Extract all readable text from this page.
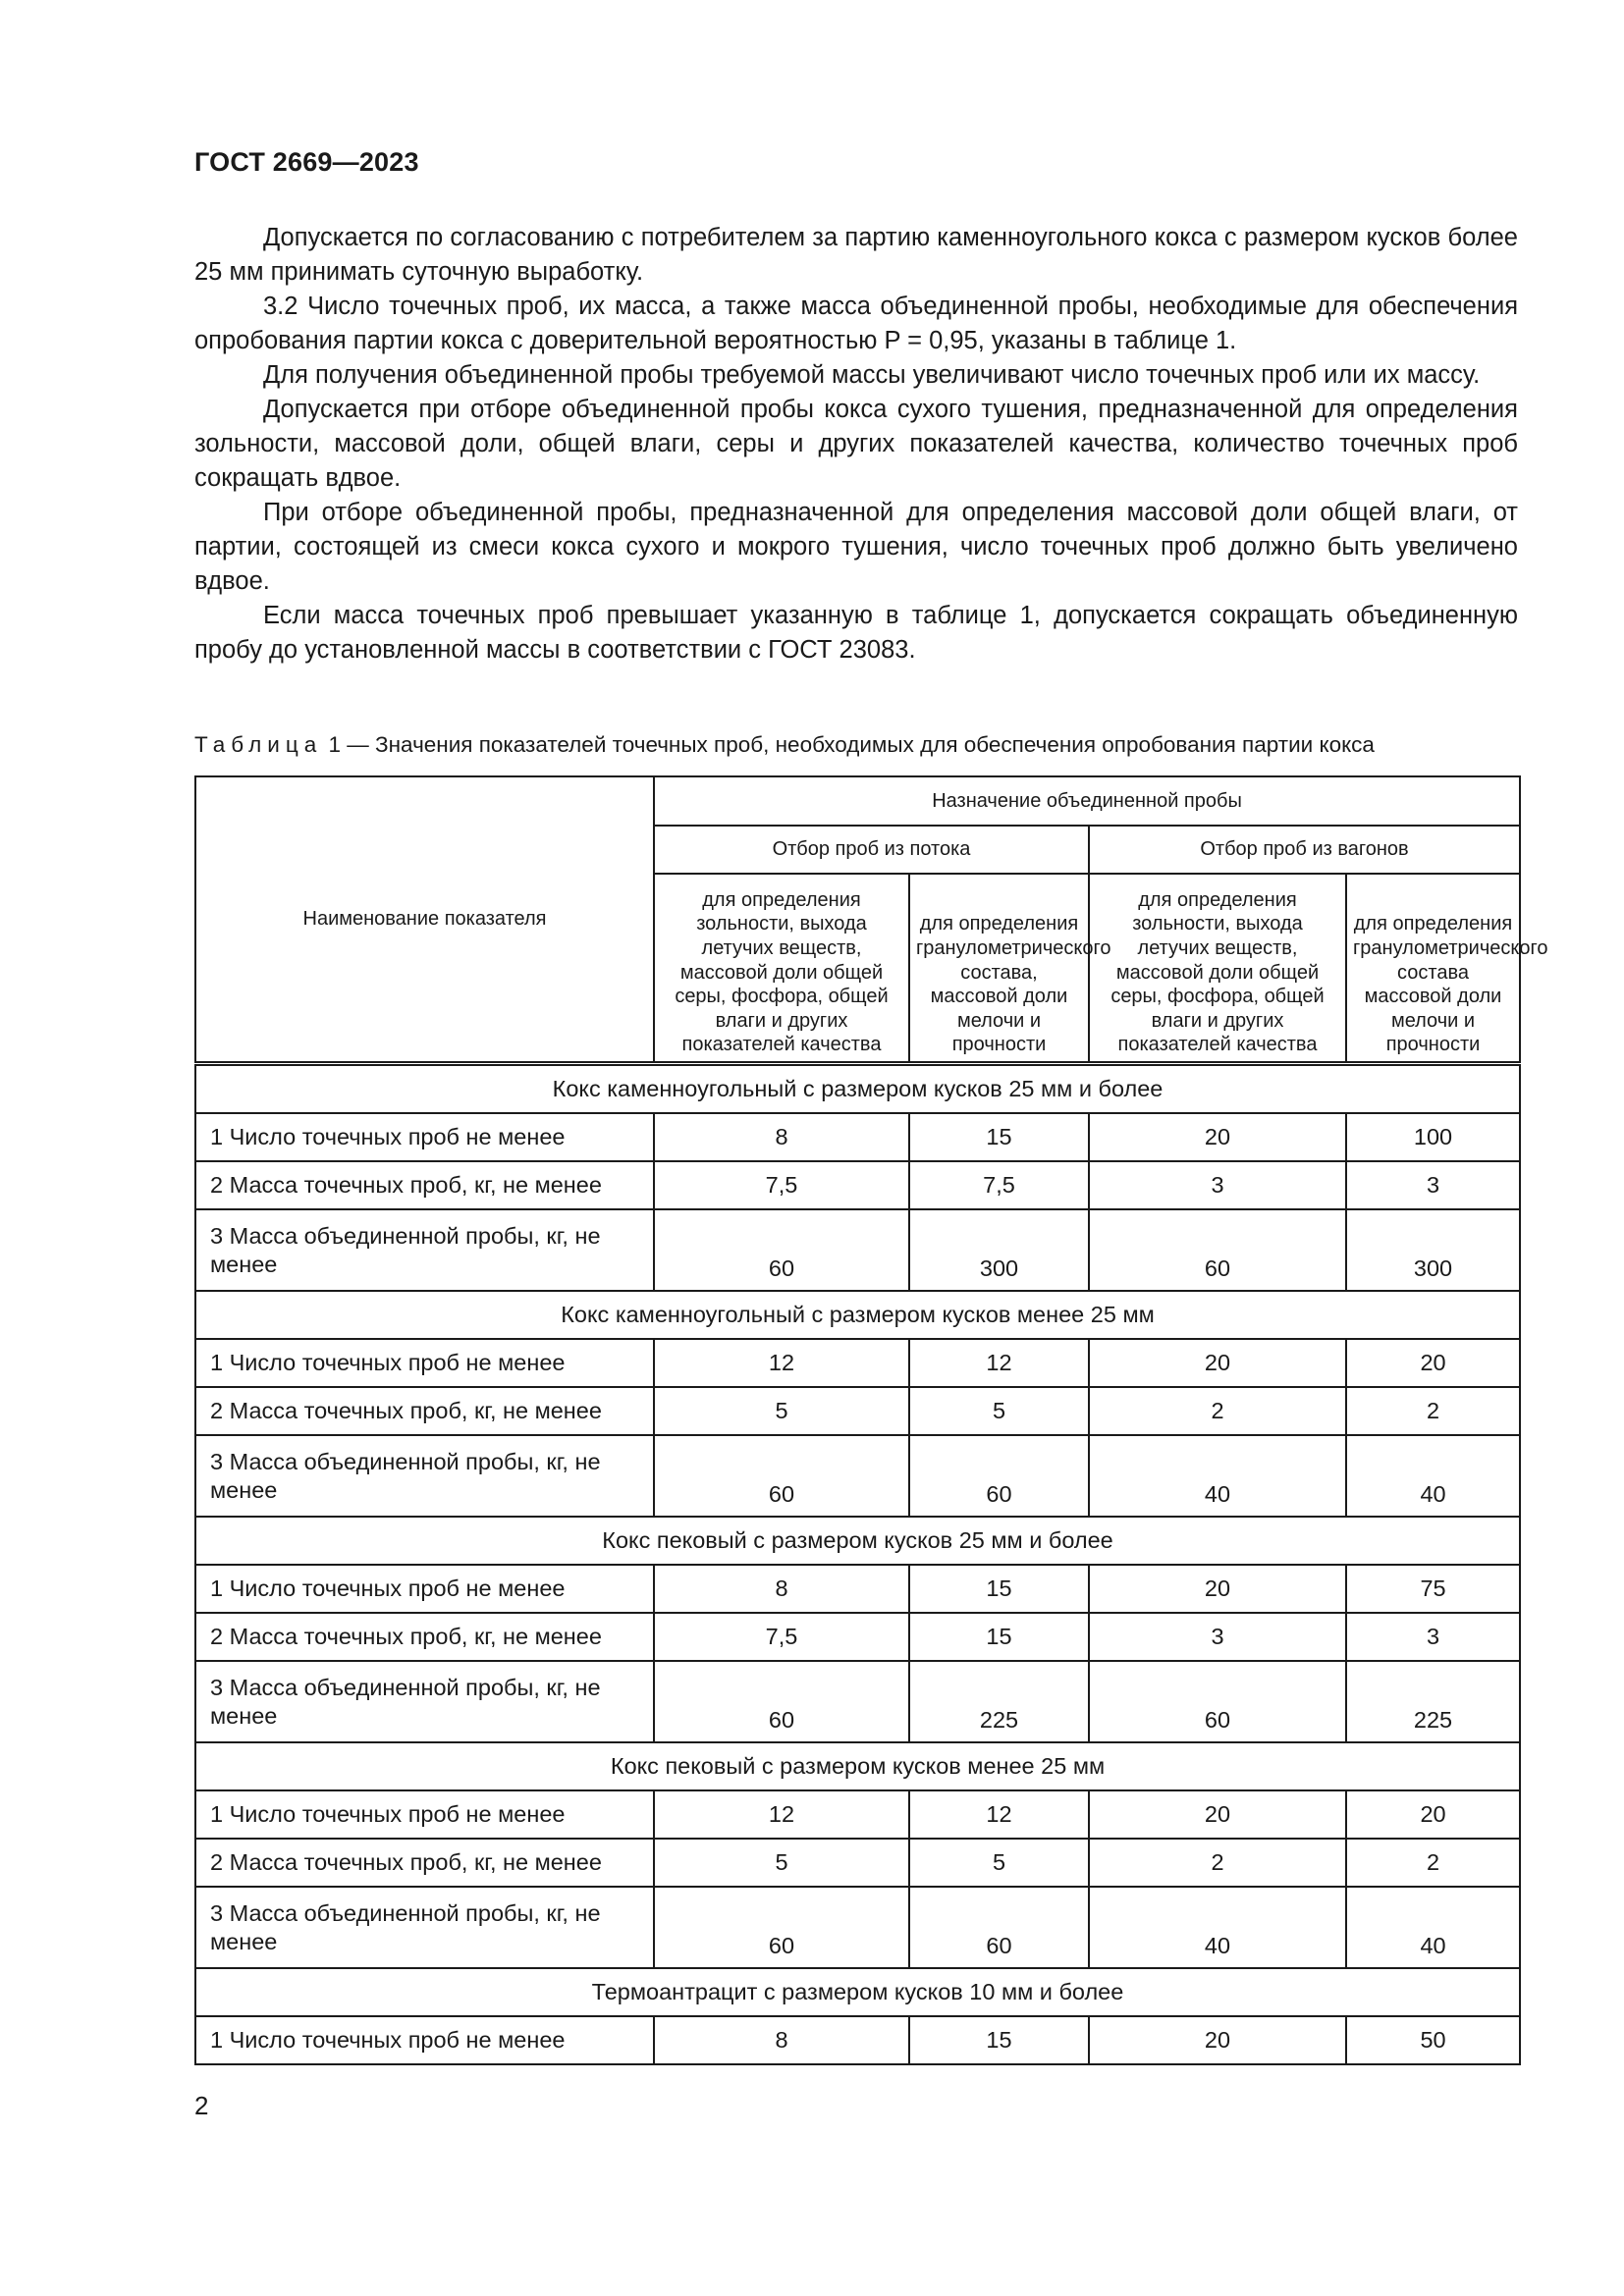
ГОСТ 2669—2023

Допускается по согласованию с потребителем за партию каменноугольного кокса с размером кусков более 25 мм принимать суточную выработку.

3.2 Число точечных проб, их масса, а также масса объединенной пробы, необходимые для обеспечения опробования партии кокса с доверительной вероятностью P = 0,95, указаны в таблице 1.

Для получения объединенной пробы требуемой массы увеличивают число точечных проб или их массу.

Допускается при отборе объединенной пробы кокса сухого тушения, предназначенной для определения зольности, массовой доли, общей влаги, серы и других показателей качества, количество точечных проб сокращать вдвое.

При отборе объединенной пробы, предназначенной для определения массовой доли общей влаги, от партии, состоящей из смеси кокса сухого и мокрого тушения, число точечных проб должно быть увеличено вдвое.

Если масса точечных проб превышает указанную в таблице 1, допускается сокращать объединенную пробу до установленной массы в соответствии с ГОСТ 23083.

Таблица 1 — Значения показателей точечных проб, необходимых для обеспечения опробования партии кокса
Наименование показателя	Назначение объединенной пробы			
	Отбор проб из потока		Отбор проб из вагонов	
	для определения зольности, выхода летучих веществ, массовой доли общей серы, фосфора, общей влаги и других показателей качества	для определения гранулометрического состава, массовой доли мелочи и прочности	для определения зольности, выхода летучих веществ, массовой доли общей серы, фосфора, общей влаги и других показателей качества	для определения гранулометрического состава массовой доли мелочи и прочности
Кокс каменноугольный с размером кусков 25 мм и более				
1 Число точечных проб не менее	8	15	20	100
2 Масса точечных проб, кг, не менее	7,5	7,5	3	3
3 Масса объединенной пробы, кг, не менее	60	300	60	300
Кокс каменноугольный с размером кусков менее 25 мм				
1 Число точечных проб не менее	12	12	20	20
2 Масса точечных проб, кг, не менее	5	5	2	2
3 Масса объединенной пробы, кг, не менее	60	60	40	40
Кокс пековый с размером кусков 25 мм и более				
1 Число точечных проб не менее	8	15	20	75
2 Масса точечных проб, кг, не менее	7,5	15	3	3
3 Масса объединенной пробы, кг, не менее	60	225	60	225
Кокс пековый с размером кусков менее 25 мм				
1 Число точечных проб не менее	12	12	20	20
2 Масса точечных проб, кг, не менее	5	5	2	2
3 Масса объединенной пробы, кг, не менее	60	60	40	40
Термоантрацит с размером кусков 10 мм и более				
1 Число точечных проб не менее	8	15	20	50
2
